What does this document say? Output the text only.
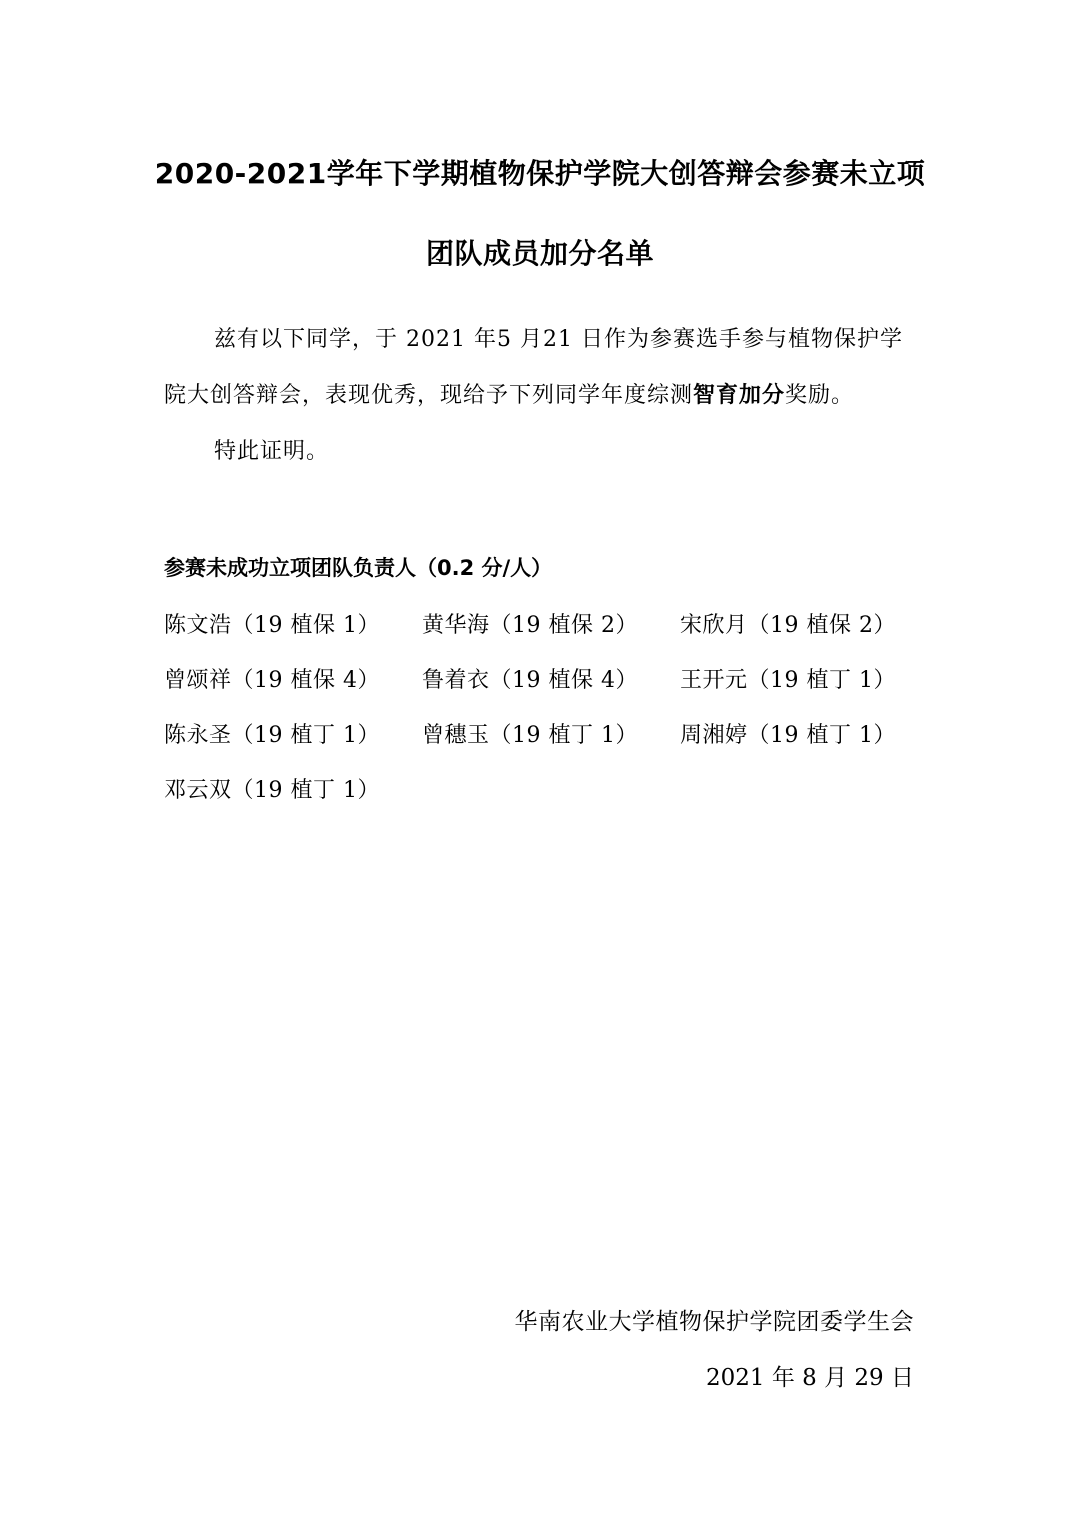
2020-2021学年下学期植物保护学院大创答辩会参赛未立项
团队成员加分名单
兹有以下同学，于 2021 年5 月21 日作为参赛选手参与植物保护学院大创答辩会，表现优秀，现给予下列同学年度综测智育加分奖励。
特此证明。
参赛未成功立项团队负责人（0.2 分/人）
陈文浩（19 植保 1）	黄华海（19 植保 2）	宋欣月（19 植保 2）
曾颂祥（19 植保 4）	鲁着衣（19 植保 4）	王开元（19 植丁 1）
陈永圣（19 植丁 1）	曾穗玉（19 植丁 1）	周湘婷（19 植丁 1）
邓云双（19 植丁 1）
华南农业大学植物保护学院团委学生会
2021 年 8 月 29 日
